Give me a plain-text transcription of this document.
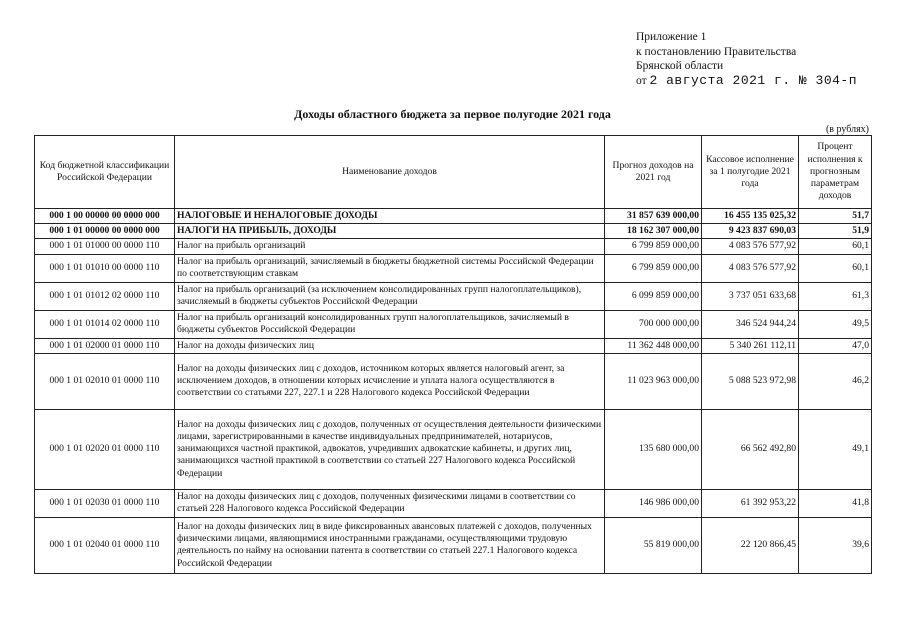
Приложение 1
к постановлению Правительства
Брянской области
от 2 августа 2021 г. № 304-п
Доходы областного бюджета за первое полугодие 2021 года
(в рублях)
Код бюджетной классификации Российской Федерации	Наименование доходов	Прогноз доходов на 2021 год	Кассовое исполнение за 1 полугодие 2021 года	Процент исполнения к прогнозным параметрам доходов
000 1 00 00000 00 0000 000	НАЛОГОВЫЕ И НЕНАЛОГОВЫЕ ДОХОДЫ	31 857 639 000,00	16 455 135 025,32	51,7
000 1 01 00000 00 0000 000	НАЛОГИ НА ПРИБЫЛЬ, ДОХОДЫ	18 162 307 000,00	9 423 837 690,03	51,9
000 1 01 01000 00 0000 110	Налог на прибыль организаций	6 799 859 000,00	4 083 576 577,92	60,1
000 1 01 01010 00 0000 110	Налог на прибыль организаций, зачисляемый в бюджеты бюджетной системы Российской Федерации по соответствующим ставкам	6 799 859 000,00	4 083 576 577,92	60,1
000 1 01 01012 02 0000 110	Налог на прибыль организаций (за исключением консолидированных групп налогоплательщиков), зачисляемый в бюджеты субъектов Российской Федерации	6 099 859 000,00	3 737 051 633,68	61,3
000 1 01 01014 02 0000 110	Налог на прибыль организаций консолидированных групп налогоплательщиков, зачисляемый в бюджеты субъектов Российской Федерации	700 000 000,00	346 524 944,24	49,5
000 1 01 02000 01 0000 110	Налог на доходы физических лиц	11 362 448 000,00	5 340 261 112,11	47,0
000 1 01 02010 01 0000 110	Налог на доходы физических лиц с доходов, источником которых является налоговый агент, за исключением доходов, в отношении которых исчисление и уплата налога осуществляются в соответствии со статьями 227, 227.1 и 228 Налогового кодекса Российской Федерации	11 023 963 000,00	5 088 523 972,98	46,2
000 1 01 02020 01 0000 110	Налог на доходы физических лиц с доходов, полученных от осуществления деятельности физическими лицами, зарегистрированными в качестве индивидуальных предпринимателей, нотариусов, занимающихся частной практикой, адвокатов, учредивших адвокатские кабинеты, и других лиц, занимающихся частной практикой в соответствии со статьей 227 Налогового кодекса Российской Федерации	135 680 000,00	66 562 492,80	49,1
000 1 01 02030 01 0000 110	Налог на доходы физических лиц с доходов, полученных физическими лицами в соответствии со статьей 228 Налогового кодекса Российской Федерации	146 986 000,00	61 392 953,22	41,8
000 1 01 02040 01 0000 110	Налог на доходы физических лиц в виде фиксированных авансовых платежей с доходов, полученных физическими лицами, являющимися иностранными гражданами, осуществляющими трудовую деятельность по найму на основании патента в соответствии со статьей 227.1 Налогового кодекса Российской Федерации	55 819 000,00	22 120 866,45	39,6
